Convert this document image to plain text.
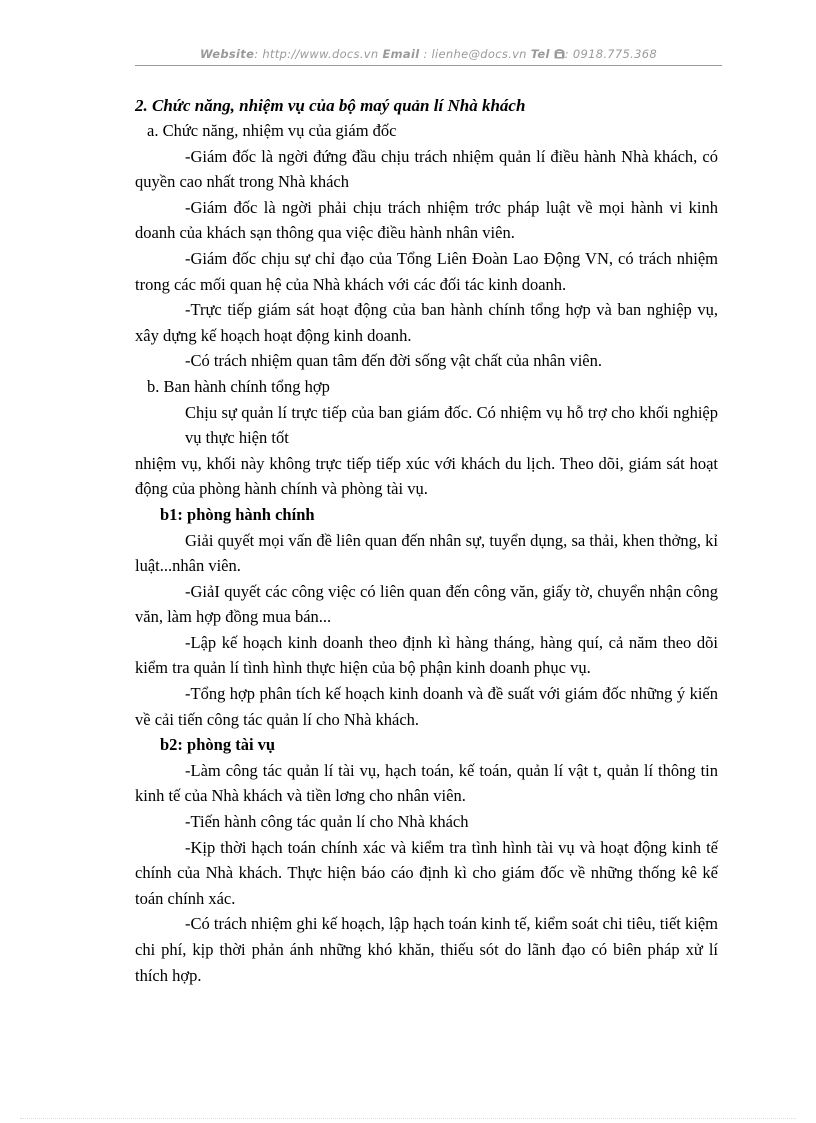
Website: http://www.docs.vn Email : lienhe@docs.vn Tel : 0918.775.368

2. Chức năng, nhiệm vụ của bộ maý quản lí Nhà khách

a. Chức năng, nhiệm vụ của giám đốc

-Giám đốc là ngời đứng đầu chịu trách nhiệm quản lí điều hành Nhà khách, có quyền cao nhất trong Nhà khách

-Giám đốc là ngời phải chịu trách nhiệm trớc pháp luật về mọi hành vi kinh doanh của khách sạn thông qua việc điều hành nhân viên.

-Giám đốc chịu sự chỉ đạo của Tổng Liên Đoàn Lao Động VN, có trách nhiệm trong các mối quan hệ của Nhà khách với các đối tác kinh doanh.

-Trực tiếp giám sát hoạt động của ban hành chính tổng hợp và ban nghiệp vụ, xây dựng kế hoạch hoạt động kinh doanh.

-Có trách nhiệm quan tâm đến đời sống vật chất của nhân viên.

b. Ban hành chính tổng hợp

Chịu sự quản lí trực tiếp của ban giám đốc. Có nhiệm vụ hỗ trợ cho khối nghiệp vụ thực hiện tốt

nhiệm vụ, khối này không trực tiếp tiếp xúc với khách du lịch. Theo dõi, giám sát hoạt động của phòng hành chính và phòng tài vụ.

b1: phòng hành chính

Giải quyết mọi vấn đề liên quan đến nhân sự, tuyển dụng, sa thải, khen thởng, kỉ luật...nhân viên.

-GiảI quyết các công việc có liên quan đến công văn, giấy tờ, chuyển nhận công văn, làm hợp đồng mua bán...

-Lập kế hoạch kinh doanh theo định kì hàng tháng, hàng quí, cả năm theo dõi kiểm tra quản lí tình hình thực hiện của bộ phận kinh doanh phục vụ.

-Tổng hợp phân tích kế hoạch kinh doanh và đề suất với giám đốc những ý kiến về cải tiến công tác quản lí cho Nhà khách.

b2: phòng tài vụ

-Làm công tác quản lí tài vụ, hạch toán, kế toán, quản lí vật t, quản lí thông tin kinh tế của Nhà khách và tiền lơng cho nhân viên.

-Tiến hành công tác quản lí cho Nhà khách

-Kịp thời hạch toán chính xác và kiểm tra tình hình tài vụ và hoạt động kinh tế chính của Nhà khách. Thực hiện báo cáo định kì cho giám đốc về những thống kê kế toán chính xác.

-Có trách nhiệm ghi kế hoạch, lập hạch toán kinh tế, kiểm soát chi tiêu, tiết kiệm chi phí, kịp thời phản ánh những khó khăn, thiếu sót do lãnh đạo có biên pháp xử lí thích hợp.
